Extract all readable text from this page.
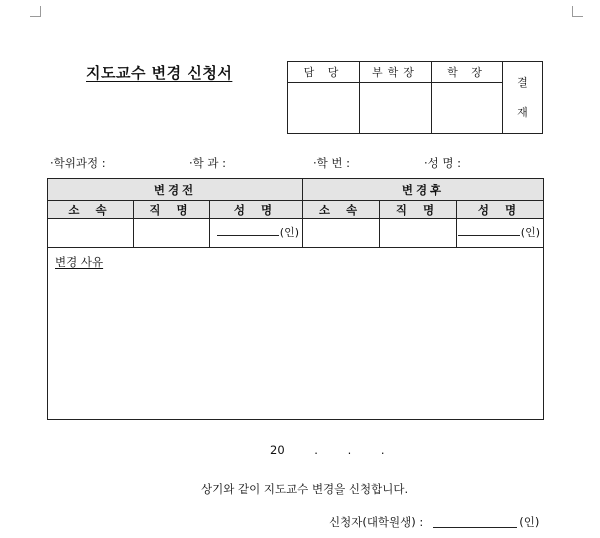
지도교수 변경 신청서	담 당	부학장	학 장	결
재

·학위과정 :	·학 과 :	·학 번 :	·성 명 :
변경전			변경후		
소 속	직 명	성 명	소 속	직 명	성 명

		(인)			(인)

변경 사유					
20	.	.	.
상기와 같이 지도교수 변경을 신청합니다.
신청자(대학원생) :	(인)
